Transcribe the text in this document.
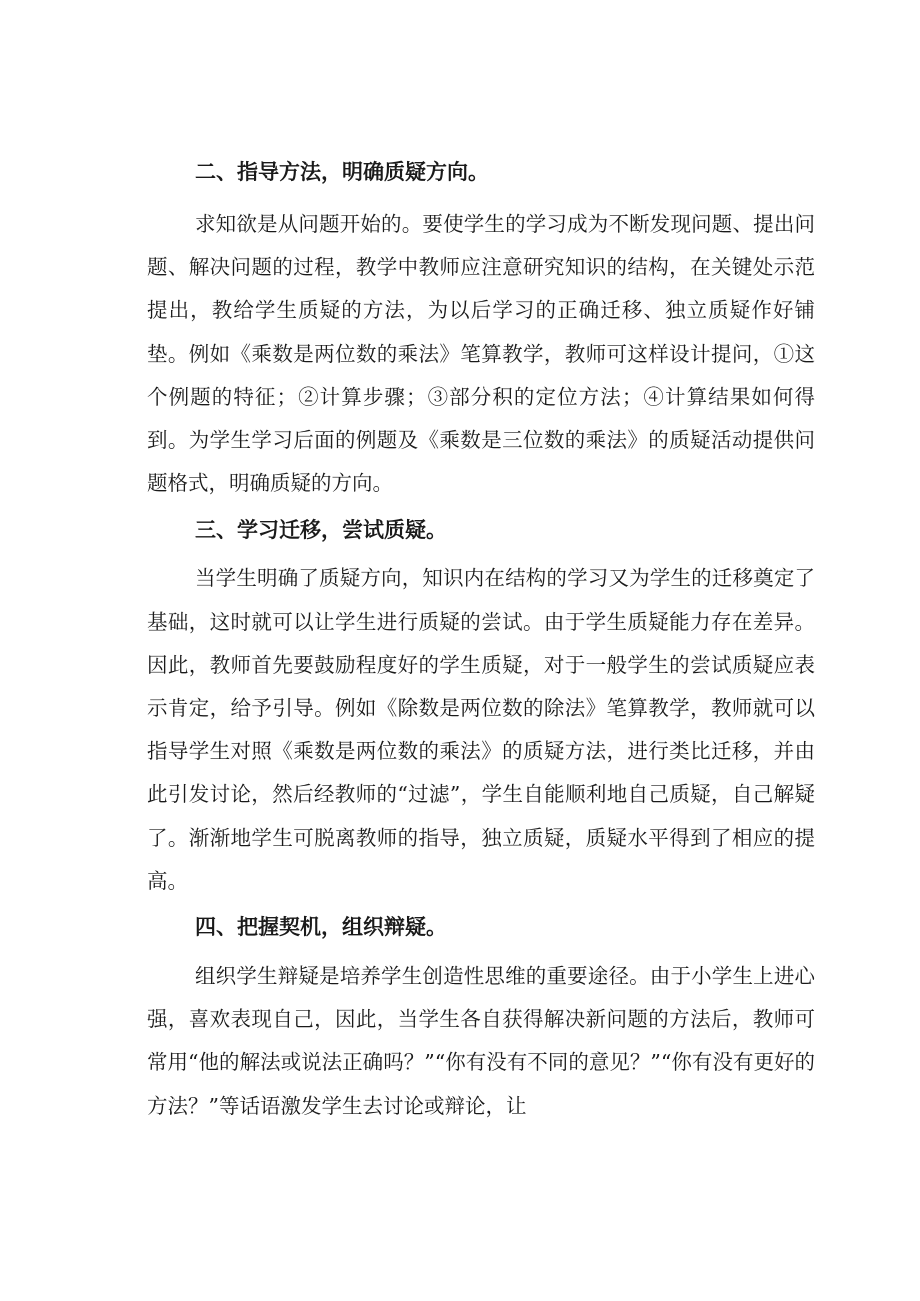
二、指导方法，明确质疑方向。

求知欲是从问题开始的。要使学生的学习成为不断发现问题、提出问题、解决问题的过程，教学中教师应注意研究知识的结构，在关键处示范提出，教给学生质疑的方法，为以后学习的正确迁移、独立质疑作好铺垫。例如《乘数是两位数的乘法》笔算教学，教师可这样设计提问，①这个例题的特征；②计算步骤；③部分积的定位方法；④计算结果如何得到。为学生学习后面的例题及《乘数是三位数的乘法》的质疑活动提供问题格式，明确质疑的方向。

三、学习迁移，尝试质疑。

当学生明确了质疑方向，知识内在结构的学习又为学生的迁移奠定了基础，这时就可以让学生进行质疑的尝试。由于学生质疑能力存在差异。因此，教师首先要鼓励程度好的学生质疑，对于一般学生的尝试质疑应表示肯定，给予引导。例如《除数是两位数的除法》笔算教学，教师就可以指导学生对照《乘数是两位数的乘法》的质疑方法，进行类比迁移，并由此引发讨论，然后经教师的“过滤”，学生自能顺利地自己质疑，自己解疑了。渐渐地学生可脱离教师的指导，独立质疑，质疑水平得到了相应的提高。

四、把握契机，组织辩疑。

组织学生辩疑是培养学生创造性思维的重要途径。由于小学生上进心强，喜欢表现自己，因此，当学生各自获得解决新问题的方法后，教师可常用“他的解法或说法正确吗？”“你有没有不同的意见？”“你有没有更好的方法？”等话语激发学生去讨论或辩论，让
